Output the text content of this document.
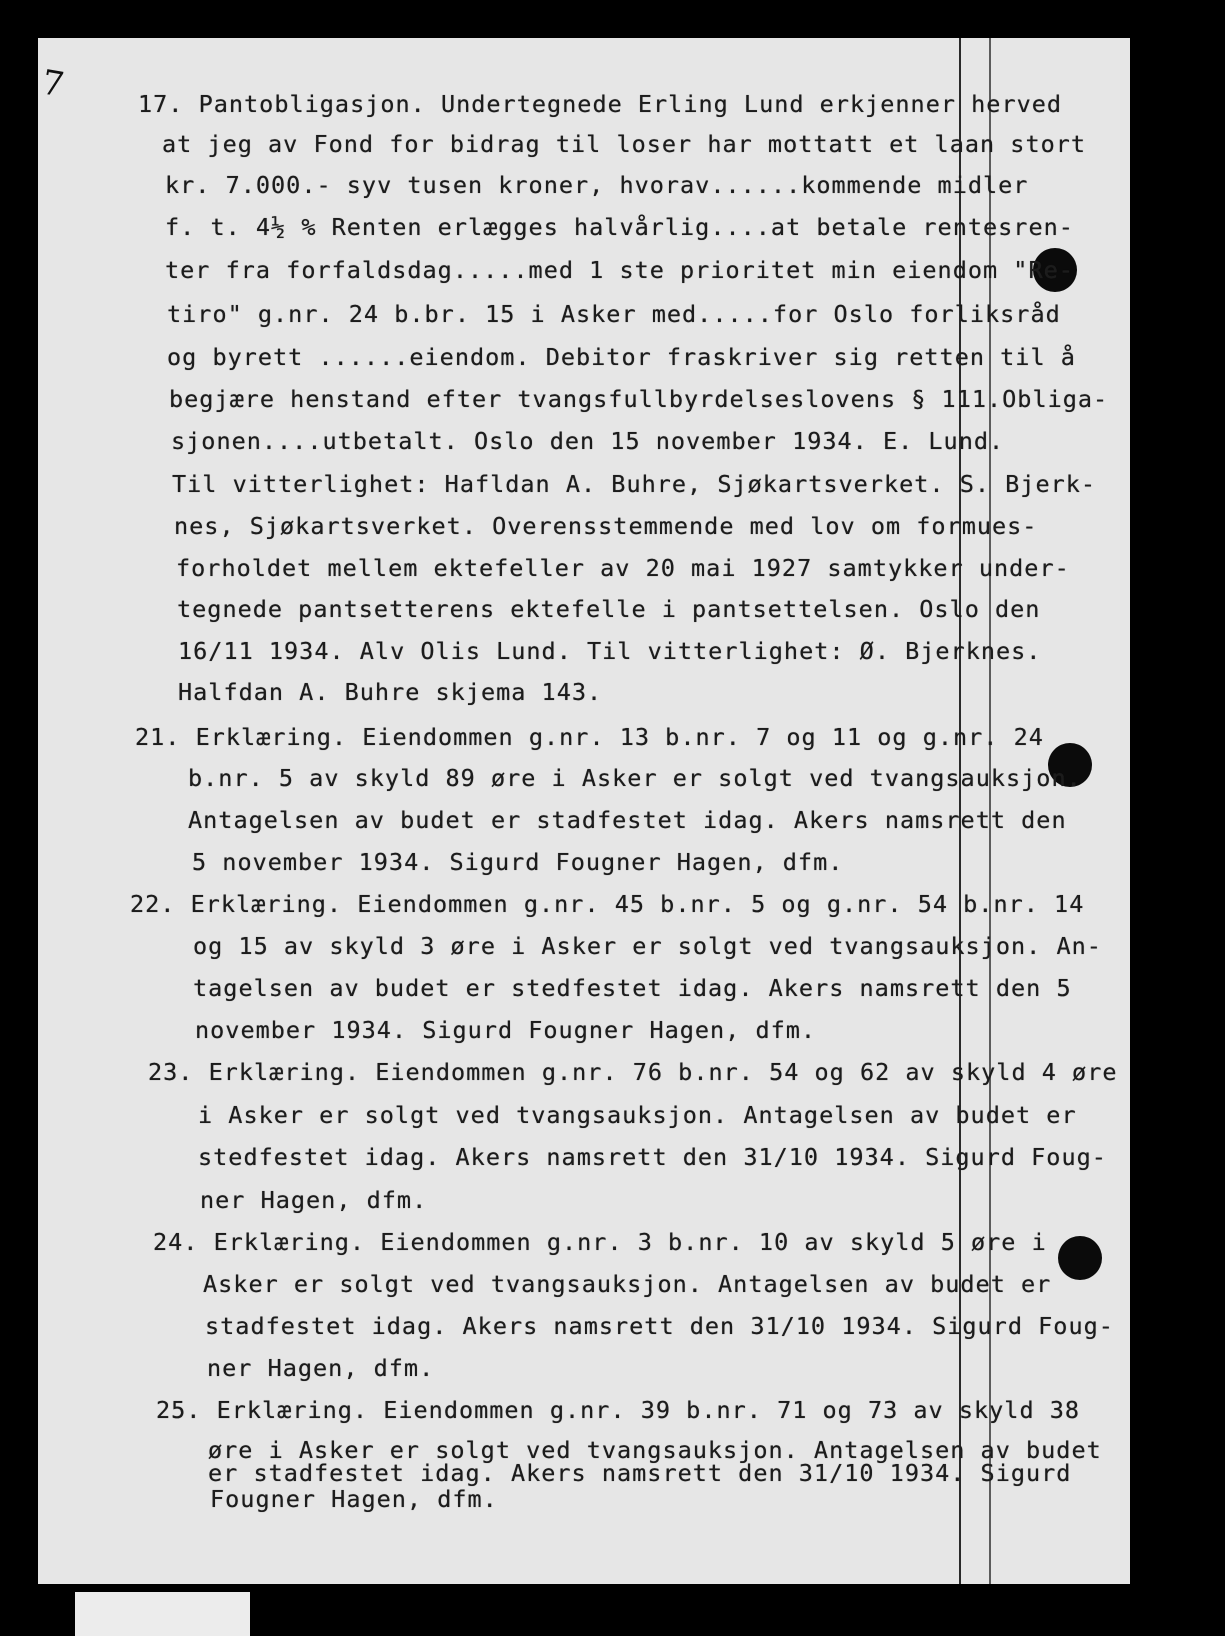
7	17. Pantobligasjon. Undertegnede Erling Lund erkjenner herved
at jeg av Fond for bidrag til loser har mottatt et laan stort
kr. 7.000.- syv tusen kroner, hvorav......kommende midler
f. t. 4½ % Renten erlægges halvårlig....at betale rentesren-
ter fra forfaldsdag.....med 1 ste prioritet min eiendom "Re-
tiro" g.nr. 24 b.br. 15 i Asker med.....for Oslo forliksråd
og byrett ......eiendom. Debitor fraskriver sig retten til å
begjære henstand efter tvangsfullbyrdelseslovens § 111.Obliga-
sjonen....utbetalt. Oslo den 15 november 1934. E. Lund.
Til vitterlighet: Hafldan A. Buhre, Sjøkartsverket. S. Bjerk-
nes, Sjøkartsverket. Overensstemmende med lov om formues-
forholdet mellem ektefeller av 20 mai 1927 samtykker under-
tegnede pantsetterens ektefelle i pantsettelsen. Oslo den
16/11 1934. Alv Olis Lund. Til vitterlighet: Ø. Bjerknes.
Halfdan A. Buhre skjema 143.
21. Erklæring. Eiendommen g.nr. 13 b.nr. 7 og 11 og g.nr. 24
b.nr. 5 av skyld 89 øre i Asker er solgt ved tvangsauksjon.
Antagelsen av budet er stadfestet idag. Akers namsrett den
5 november 1934. Sigurd Fougner Hagen, dfm.
22. Erklæring. Eiendommen g.nr. 45 b.nr. 5 og g.nr. 54 b.nr. 14
og 15 av skyld 3 øre i Asker er solgt ved tvangsauksjon. An-
tagelsen av budet er stedfestet idag. Akers namsrett den 5
november 1934. Sigurd Fougner Hagen, dfm.
23. Erklæring. Eiendommen g.nr. 76 b.nr. 54 og 62 av skyld 4 øre
i Asker er solgt ved tvangsauksjon. Antagelsen av budet er
stedfestet idag. Akers namsrett den 31/10 1934. Sigurd Foug-
ner Hagen, dfm.
24. Erklæring. Eiendommen g.nr. 3 b.nr. 10 av skyld 5 øre i
Asker er solgt ved tvangsauksjon. Antagelsen av budet er
stadfestet idag. Akers namsrett den 31/10 1934. Sigurd Foug-
ner Hagen, dfm.
25. Erklæring. Eiendommen g.nr. 39 b.nr. 71 og 73 av skyld 38
øre i Asker er solgt ved tvangsauksjon. Antagelsen av budet
er stadfestet idag. Akers namsrett den 31/10 1934. Sigurd
Fougner Hagen, dfm.
